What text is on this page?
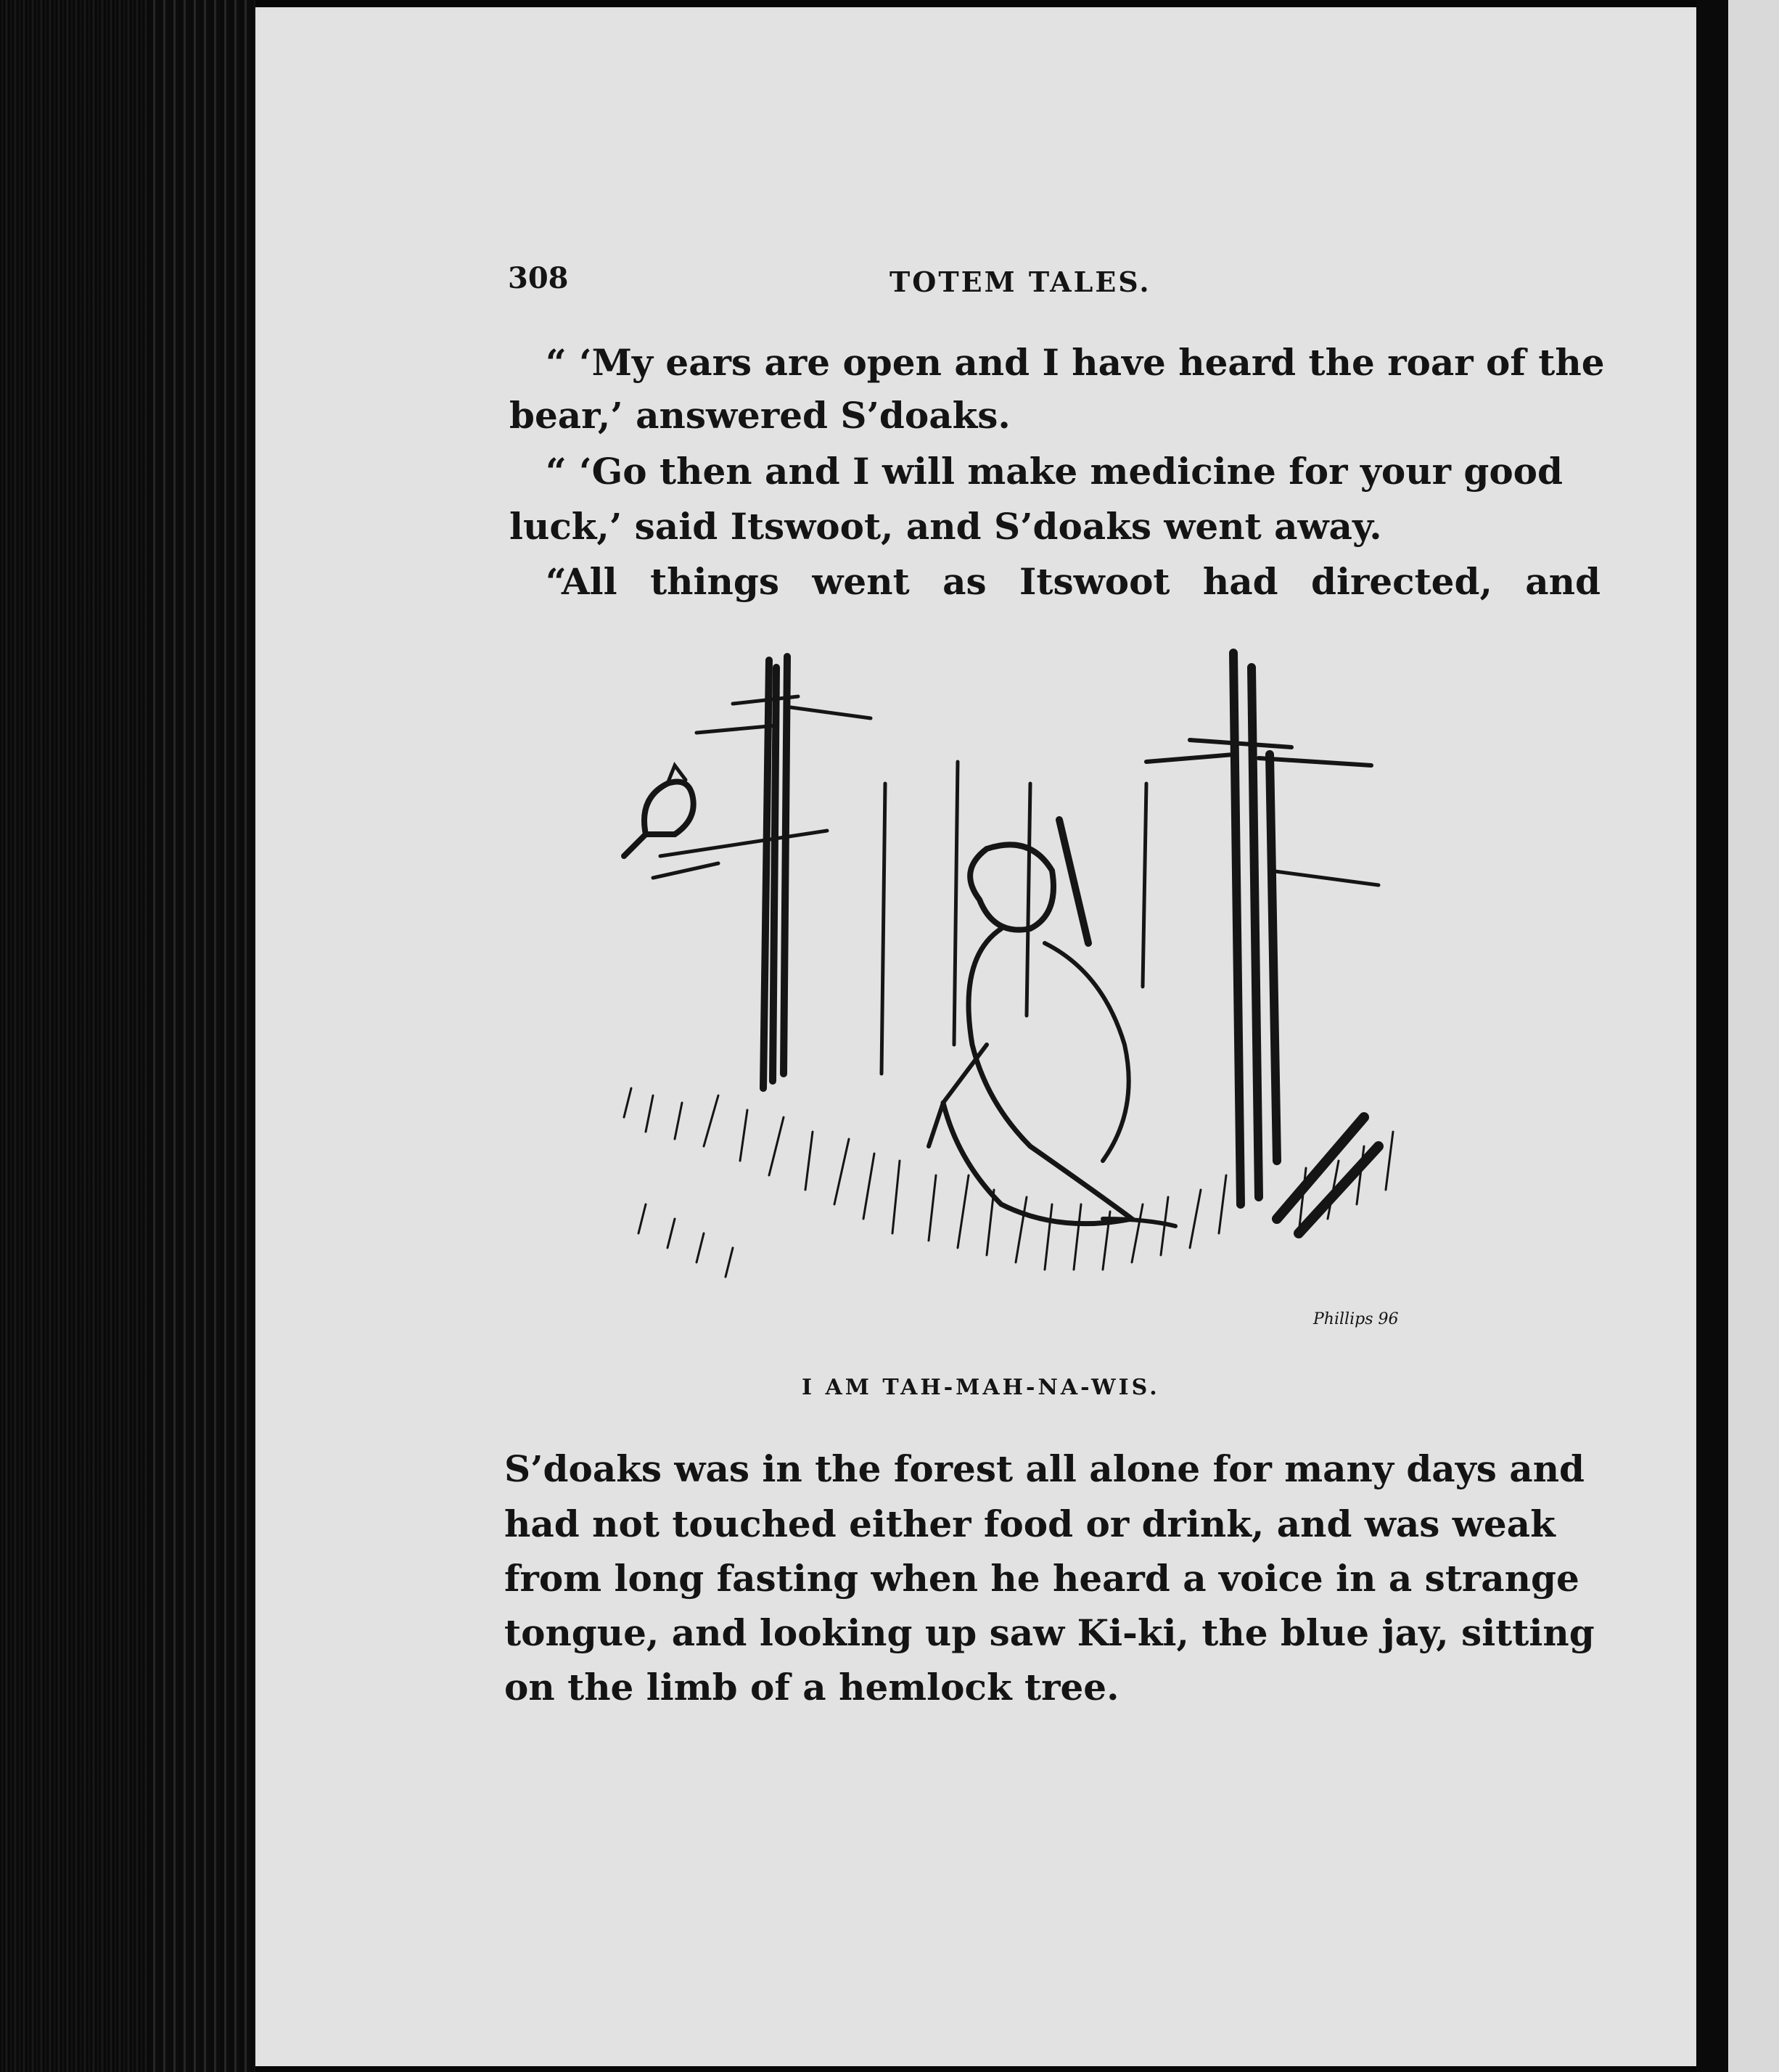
308	TOTEM TALES.
“ ‘My ears are open and I have heard the roar of the
bear,’ answered S’doaks.
“ ‘Go then and I will make medicine for your good
luck,’ said Itswoot, and S’doaks went away.
“All things went as Itswoot had directed, and
Phillips 96
I AM TAH-MAH-NA-WIS.
S’doaks was in the forest all alone for many days and
had not touched either food or drink, and was weak
from long fasting when he heard a voice in a strange
tongue, and looking up saw Ki-ki, the blue jay, sitting
on the limb of a hemlock tree.
